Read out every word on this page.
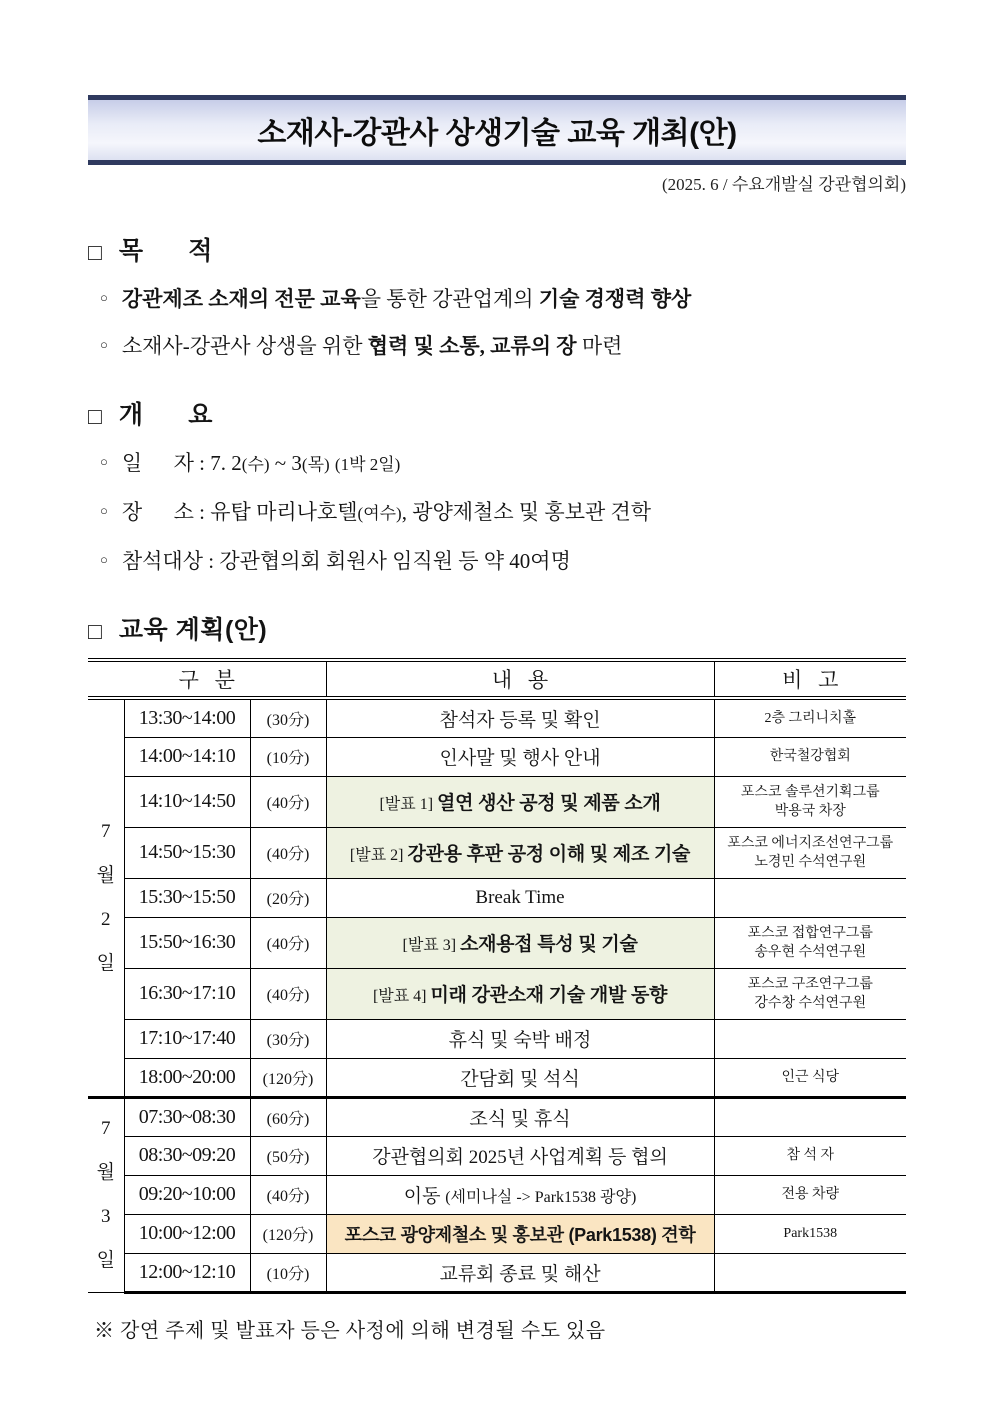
소재사-강관사 상생기술 교육 개최(안)
(2025. 6 / 수요개발실 강관협의회)
□ 목      적
○ 강관제조 소재의 전문 교육을 통한 강관업계의 기술 경쟁력 향상
○ 소재사-강관사 상생을 위한 협력 및 소통, 교류의 장 마련
□ 개      요
○ 일      자 : 7. 2(수) ~ 3(목) (1박 2일)
○ 장      소 : 유탑 마리나호텔(여수), 광양제철소 및 홍보관 견학
○ 참석대상 : 강관협의회 회원사 임직원 등 약 40여명
□ 교육 계획(안)
구   분			내   용	비   고
7
월
2
일	13:30~14:00	(30分)	참석자 등록 및 확인	2층 그리니치홀
	14:00~14:10	(10分)	인사말 및 행사 안내	한국철강협회
	14:10~14:50	(40分)	[발표 1] 열연 생산 공정 및 제품 소개	포스코 솔루션기획그룹
박용국 차장
	14:50~15:30	(40分)	[발표 2] 강관용 후판 공정 이해 및 제조 기술	포스코 에너지조선연구그룹
노경민 수석연구원
	15:30~15:50	(20分)	Break Time	
	15:50~16:30	(40分)	[발표 3] 소재용접 특성 및 기술	포스코 접합연구그룹
송우현 수석연구원
	16:30~17:10	(40分)	[발표 4] 미래 강관소재 기술 개발 동향	포스코 구조연구그룹
강수창 수석연구원
	17:10~17:40	(30分)	휴식 및 숙박 배정	
	18:00~20:00	(120分)	간담회 및 석식	인근 식당
7
월
3
일	07:30~08:30	(60分)	조식 및 휴식	
	08:30~09:20	(50分)	강관협의회 2025년 사업계획 등 협의	참 석 자
	09:20~10:00	(40分)	이동 (세미나실 -> Park1538 광양)	전용 차량
	10:00~12:00	(120分)	포스코 광양제철소 및 홍보관 (Park1538) 견학	Park1538
	12:00~12:10	(10分)	교류회 종료 및 해산	
※ 강연 주제 및 발표자 등은 사정에 의해 변경될 수도 있음
